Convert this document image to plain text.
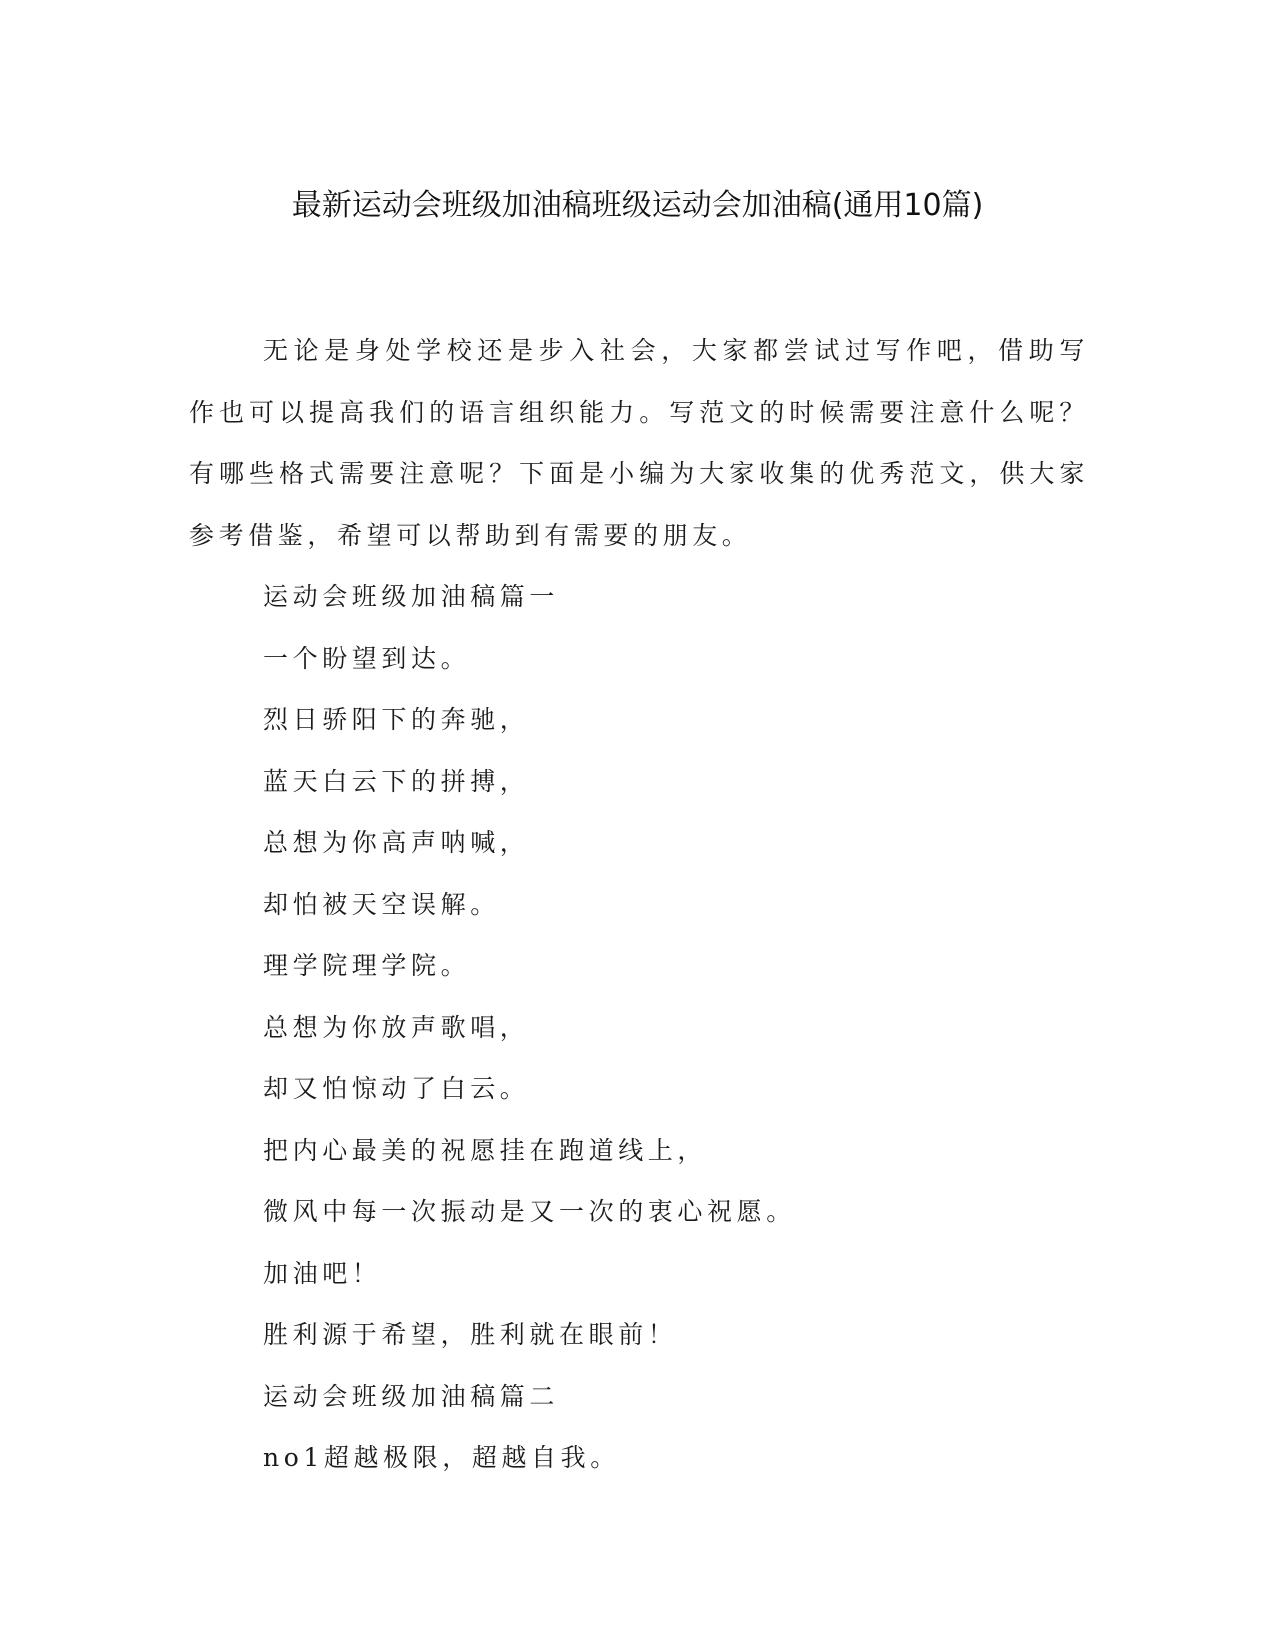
最新运动会班级加油稿班级运动会加油稿(通用10篇)

无论是身处学校还是步入社会，大家都尝试过写作吧，借助写作也可以提高我们的语言组织能力。写范文的时候需要注意什么呢？有哪些格式需要注意呢？下面是小编为大家收集的优秀范文，供大家参考借鉴，希望可以帮助到有需要的朋友。

运动会班级加油稿篇一

一个盼望到达。

烈日骄阳下的奔驰，

蓝天白云下的拼搏，

总想为你高声呐喊，

却怕被天空误解。

理学院理学院。

总想为你放声歌唱，

却又怕惊动了白云。

把内心最美的祝愿挂在跑道线上，

微风中每一次振动是又一次的衷心祝愿。

加油吧！

胜利源于希望，胜利就在眼前！

运动会班级加油稿篇二

no1超越极限，超越自我。
